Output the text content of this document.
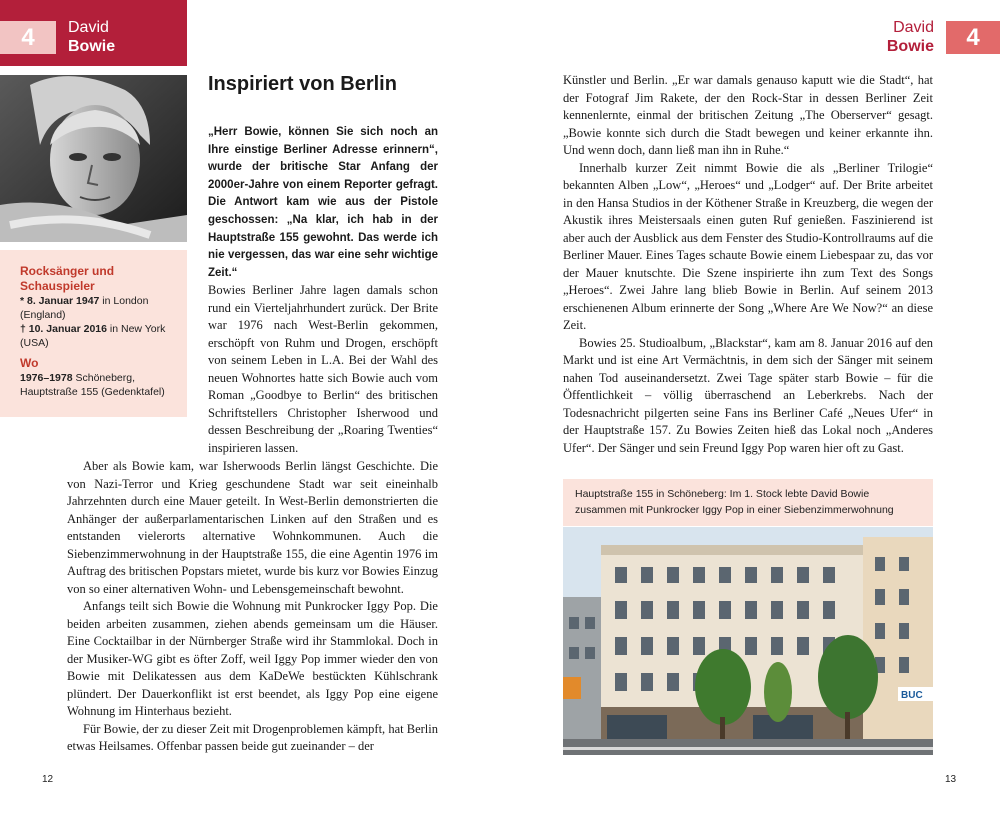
4	David
Bowie
David
Bowie	4
Rocksänger und Schauspieler
* 8. Januar 1947 in London (England)
† 10. Januar 2016 in New York (USA)
Wo
1976–1978 Schöneberg, Hauptstraße 155 (Gedenktafel)
Inspiriert von Berlin

„Herr Bowie, können Sie sich noch an Ihre einstige Berliner Adresse erinnern“, wurde der britische Star Anfang der 2000er-Jahre von einem Reporter gefragt. Die Antwort kam wie aus der Pistole geschossen: „Na klar, ich hab in der Hauptstraße 155 gewohnt. Das werde ich nie vergessen, das war eine sehr wichtige Zeit.“

Bowies Berliner Jahre lagen damals schon rund ein Vierteljahrhundert zurück. Der Brite war 1976 nach West-Berlin gekommen, erschöpft von Ruhm und Drogen, erschöpft von seinem Leben in L.A. Bei der Wahl des neuen Wohnortes hatte sich Bowie auch vom Roman „Goodbye to Berlin“ des britischen Schriftstellers Christopher Isherwood und dessen Beschreibung der „Roaring Twenties“ inspirieren lassen.

Aber als Bowie kam, war Isherwoods Berlin längst Geschichte. Die von Nazi-Terror und Krieg geschundene Stadt war seit eineinhalb Jahrzehnten durch eine Mauer geteilt. In West-Berlin demonstrierten die Anhänger der außerparlamentarischen Linken auf den Straßen und es entstanden vielerorts alternative Wohnkommunen. Auch die Siebenzimmerwohnung in der Hauptstraße 155, die eine Agentin 1976 im Auftrag des britischen Popstars mietet, wurde bis kurz vor Bowies Einzug von so einer alternativen Wohn- und Lebensgemeinschaft bewohnt.

Anfangs teilt sich Bowie die Wohnung mit Punkrocker Iggy Pop. Die beiden arbeiten zusammen, ziehen abends gemeinsam um die Häuser. Eine Cocktailbar in der Nürnberger Straße wird ihr Stammlokal. Doch in der Musiker-WG gibt es öfter Zoff, weil Iggy Pop immer wieder den von Bowie mit Delikatessen aus dem KaDeWe bestückten Kühlschrank plündert. Der Dauerkonflikt ist erst beendet, als Iggy Pop eine eigene Wohnung im Hinterhaus bezieht.

Für Bowie, der zu dieser Zeit mit Drogenproblemen kämpft, hat Berlin etwas Heilsames. Offenbar passen beide gut zueinander – der

Künstler und Berlin. „Er war damals genauso kaputt wie die Stadt“, hat der Fotograf Jim Rakete, der den Rock-Star in dessen Berliner Zeit kennenlernte, einmal der britischen Zeitung „The Oberserver“ gesagt. „Bowie konnte sich durch die Stadt bewegen und keiner erkannte ihn. Und wenn doch, dann ließ man ihn in Ruhe.“

Innerhalb kurzer Zeit nimmt Bowie die als „Berliner Trilogie“ bekannten Alben „Low“, „Heroes“ und „Lodger“ auf. Der Brite arbeitet in den Hansa Studios in der Köthener Straße in Kreuzberg, die wegen der Akustik ihres Meistersaals einen guten Ruf genießen. Faszinierend ist aber auch der Ausblick aus dem Fenster des Studio-Kontrollraums auf die Berliner Mauer. Eines Tages schaute Bowie einem Liebespaar zu, das vor der Mauer knutschte. Die Szene inspirierte ihn zum Text des Songs „Heroes“. Zwei Jahre lang blieb Bowie in Berlin. Auf seinem 2013 erschienenen Album erinnerte der Song „Where Are We Now?“ an diese Zeit.

Bowies 25. Studioalbum, „Blackstar“, kam am 8. Januar 2016 auf den Markt und ist eine Art Vermächtnis, in dem sich der Sänger mit seinem nahen Tod auseinandersetzt. Zwei Tage später starb Bowie – für die Öffentlichkeit – völlig überraschend an Leberkrebs. Nach der Todesnachricht pilgerten seine Fans ins Berliner Café „Neues Ufer“ in der Hauptstraße 157. Zu Bowies Zeiten hieß das Lokal noch „Anderes Ufer“. Der Sänger und sein Freund Iggy Pop waren hier oft zu Gast.

Hauptstraße 155 in Schöneberg: Im 1. Stock lebte David Bowie zusammen mit Punkrocker Iggy Pop in einer Siebenzimmerwohnung
BUC
12	13
